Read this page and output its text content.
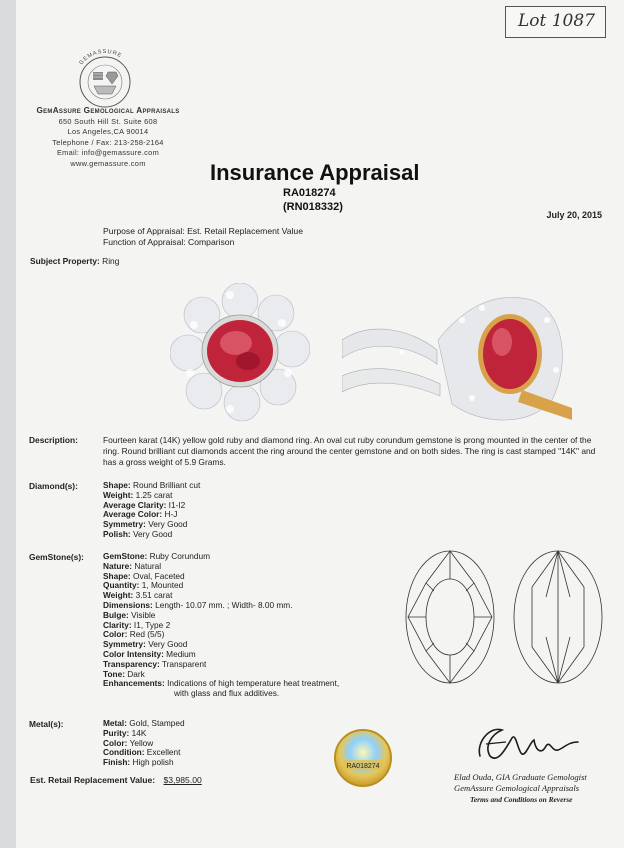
Lot 1087
GEMASSURE
GemAssure Gemological Appraisals
650 South Hill St. Suite 608
Los Angeles,CA 90014
Telephone / Fax: 213-258-2164
Email: info@gemassure.com
www.gemassure.com	Insurance Appraisal
RA018274
(RN018332)
July 20, 2015
Purpose of Appraisal: Est. Retail Replacement Value
Function of Appraisal: Comparison
Subject Property: Ring
Description:	Fourteen karat (14K) yellow gold ruby and diamond ring. An oval cut ruby corundum gemstone is prong mounted in the center of the ring. Round brilliant cut diamonds accent the ring around the center gemstone and on both sides. The ring is cast stamped "14K" and has a gross weight of 5.9 Grams.
Diamond(s):	Shape: Round Brilliant cut
Weight: 1.25 carat
Average Clarity: I1-I2
Average Color: H-J
Symmetry: Very Good
Polish: Very Good
GemStone(s): GemStone: Ruby Corundum
Nature: Natural
Shape: Oval, Faceted
Quantity: 1, Mounted
Weight: 3.51 carat
Dimensions: Length- 10.07 mm. ; Width- 8.00 mm.
Bulge: Visible
Clarity: I1, Type 2
Color: Red (5/5)
Symmetry: Very Good
Color Intensity: Medium
Transparency: Transparent
Tone: Dark
Enhancements: Indications of high temperature heat treatment,
with glass and flux additives.
Metal(s):	Metal: Gold, Stamped
Purity: 14K
Color: Yellow
Condition: Excellent
Finish: High polish	RA018274
Elad Ouda, GIA Graduate Gemologist
GemAssure Gemological Appraisals
Terms and Conditions on Reverse
Est. Retail Replacement Value: $3,985.00
